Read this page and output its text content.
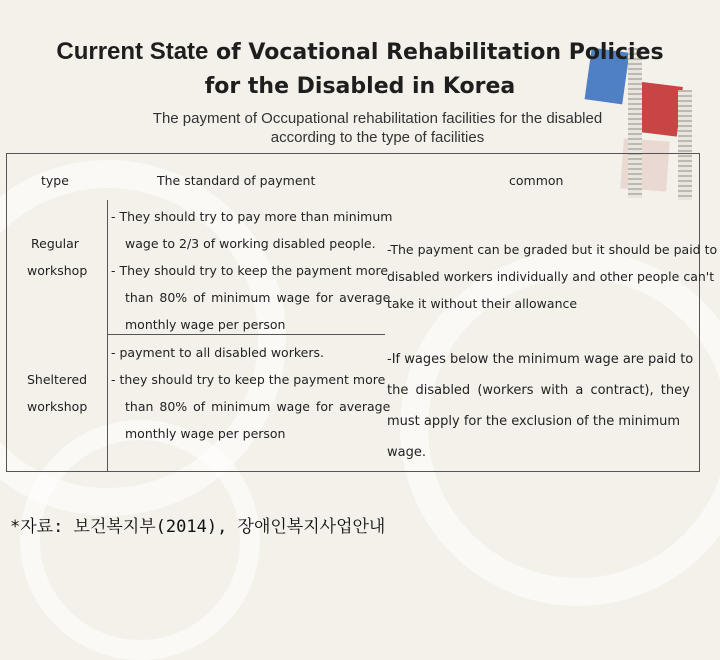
Current State of Vocational Rehabilitation Policies
for the Disabled in Korea
The payment of Occupational rehabilitation facilities for the disabled
according to the type of facilities
type	The standard of payment	common
Regular
workshop
- They should try to pay more than minimum
wage to 2/3 of working disabled people.
- They should try to keep the payment more
than 80% of minimum wage for average
monthly wage per person
-The payment can be graded but it should be paid to
disabled workers individually and other people can't
take it without their allowance
Sheltered
workshop
- payment to all disabled workers.
- they should try to keep the payment more
than 80% of minimum wage for average
monthly wage per person
-If wages below the minimum wage are paid to
the disabled (workers with a contract), they
must apply for the exclusion of the minimum
wage.
*자료: 보건복지부(2014), 장애인복지사업안내
